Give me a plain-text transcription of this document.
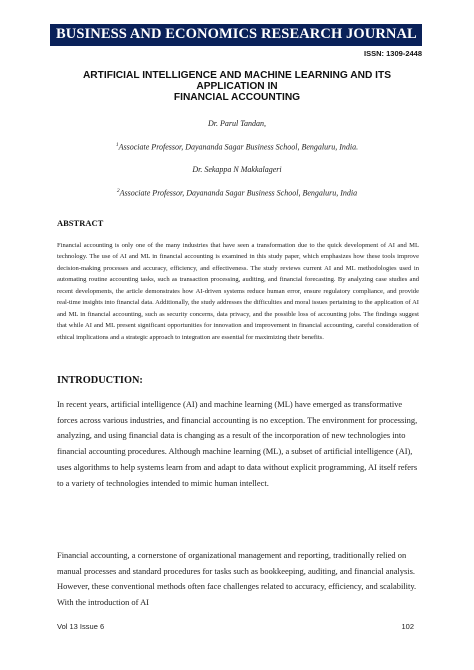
BUSINESS AND ECONOMICS RESEARCH JOURNAL
ISSN: 1309-2448
ARTIFICIAL INTELLIGENCE AND MACHINE LEARNING AND ITS APPLICATION IN
FINANCIAL ACCOUNTING
Dr. Parul Tandan,
$^1$Associate Professor, Dayananda Sagar Business School, Bengaluru, India.
Dr. Sekappa N Makkalageri
$^2$Associate Professor, Dayananda Sagar Business School, Bengaluru, India
ABSTRACT
Financial accounting is only one of the many industries that have seen a transformation due to the quick development of AI and ML technology. The use of AI and ML in financial accounting is examined in this study paper, which emphasizes how these tools improve decision-making processes and accuracy, efficiency, and effectiveness. The study reviews current AI and ML methodologies used in automating routine accounting tasks, such as transaction processing, auditing, and financial forecasting. By analyzing case studies and recent developments, the article demonstrates how AI-driven systems reduce human error, ensure regulatory compliance, and provide real-time insights into financial data. Additionally, the study addresses the difficulties and moral issues pertaining to the application of AI and ML in financial accounting, such as security concerns, data privacy, and the possible loss of accounting jobs. The findings suggest that while AI and ML present significant opportunities for innovation and improvement in financial accounting, careful consideration of ethical implications and a strategic approach to integration are essential for maximizing their benefits.
INTRODUCTION:
In recent years, artificial intelligence (AI) and machine learning (ML) have emerged as transformative forces across various industries, and financial accounting is no exception. The environment for processing, analyzing, and using financial data is changing as a result of the incorporation of new technologies into financial accounting procedures. Although machine learning (ML), a subset of artificial intelligence (AI), uses algorithms to help systems learn from and adapt to data without explicit programming, AI itself refers to a variety of technologies intended to mimic human intellect.
Financial accounting, a cornerstone of organizational management and reporting, traditionally relied on manual processes and standard procedures for tasks such as bookkeeping, auditing, and financial analysis. However, these conventional methods often face challenges related to accuracy, efficiency, and scalability. With the introduction of AI
Vol 13 Issue 6	102
